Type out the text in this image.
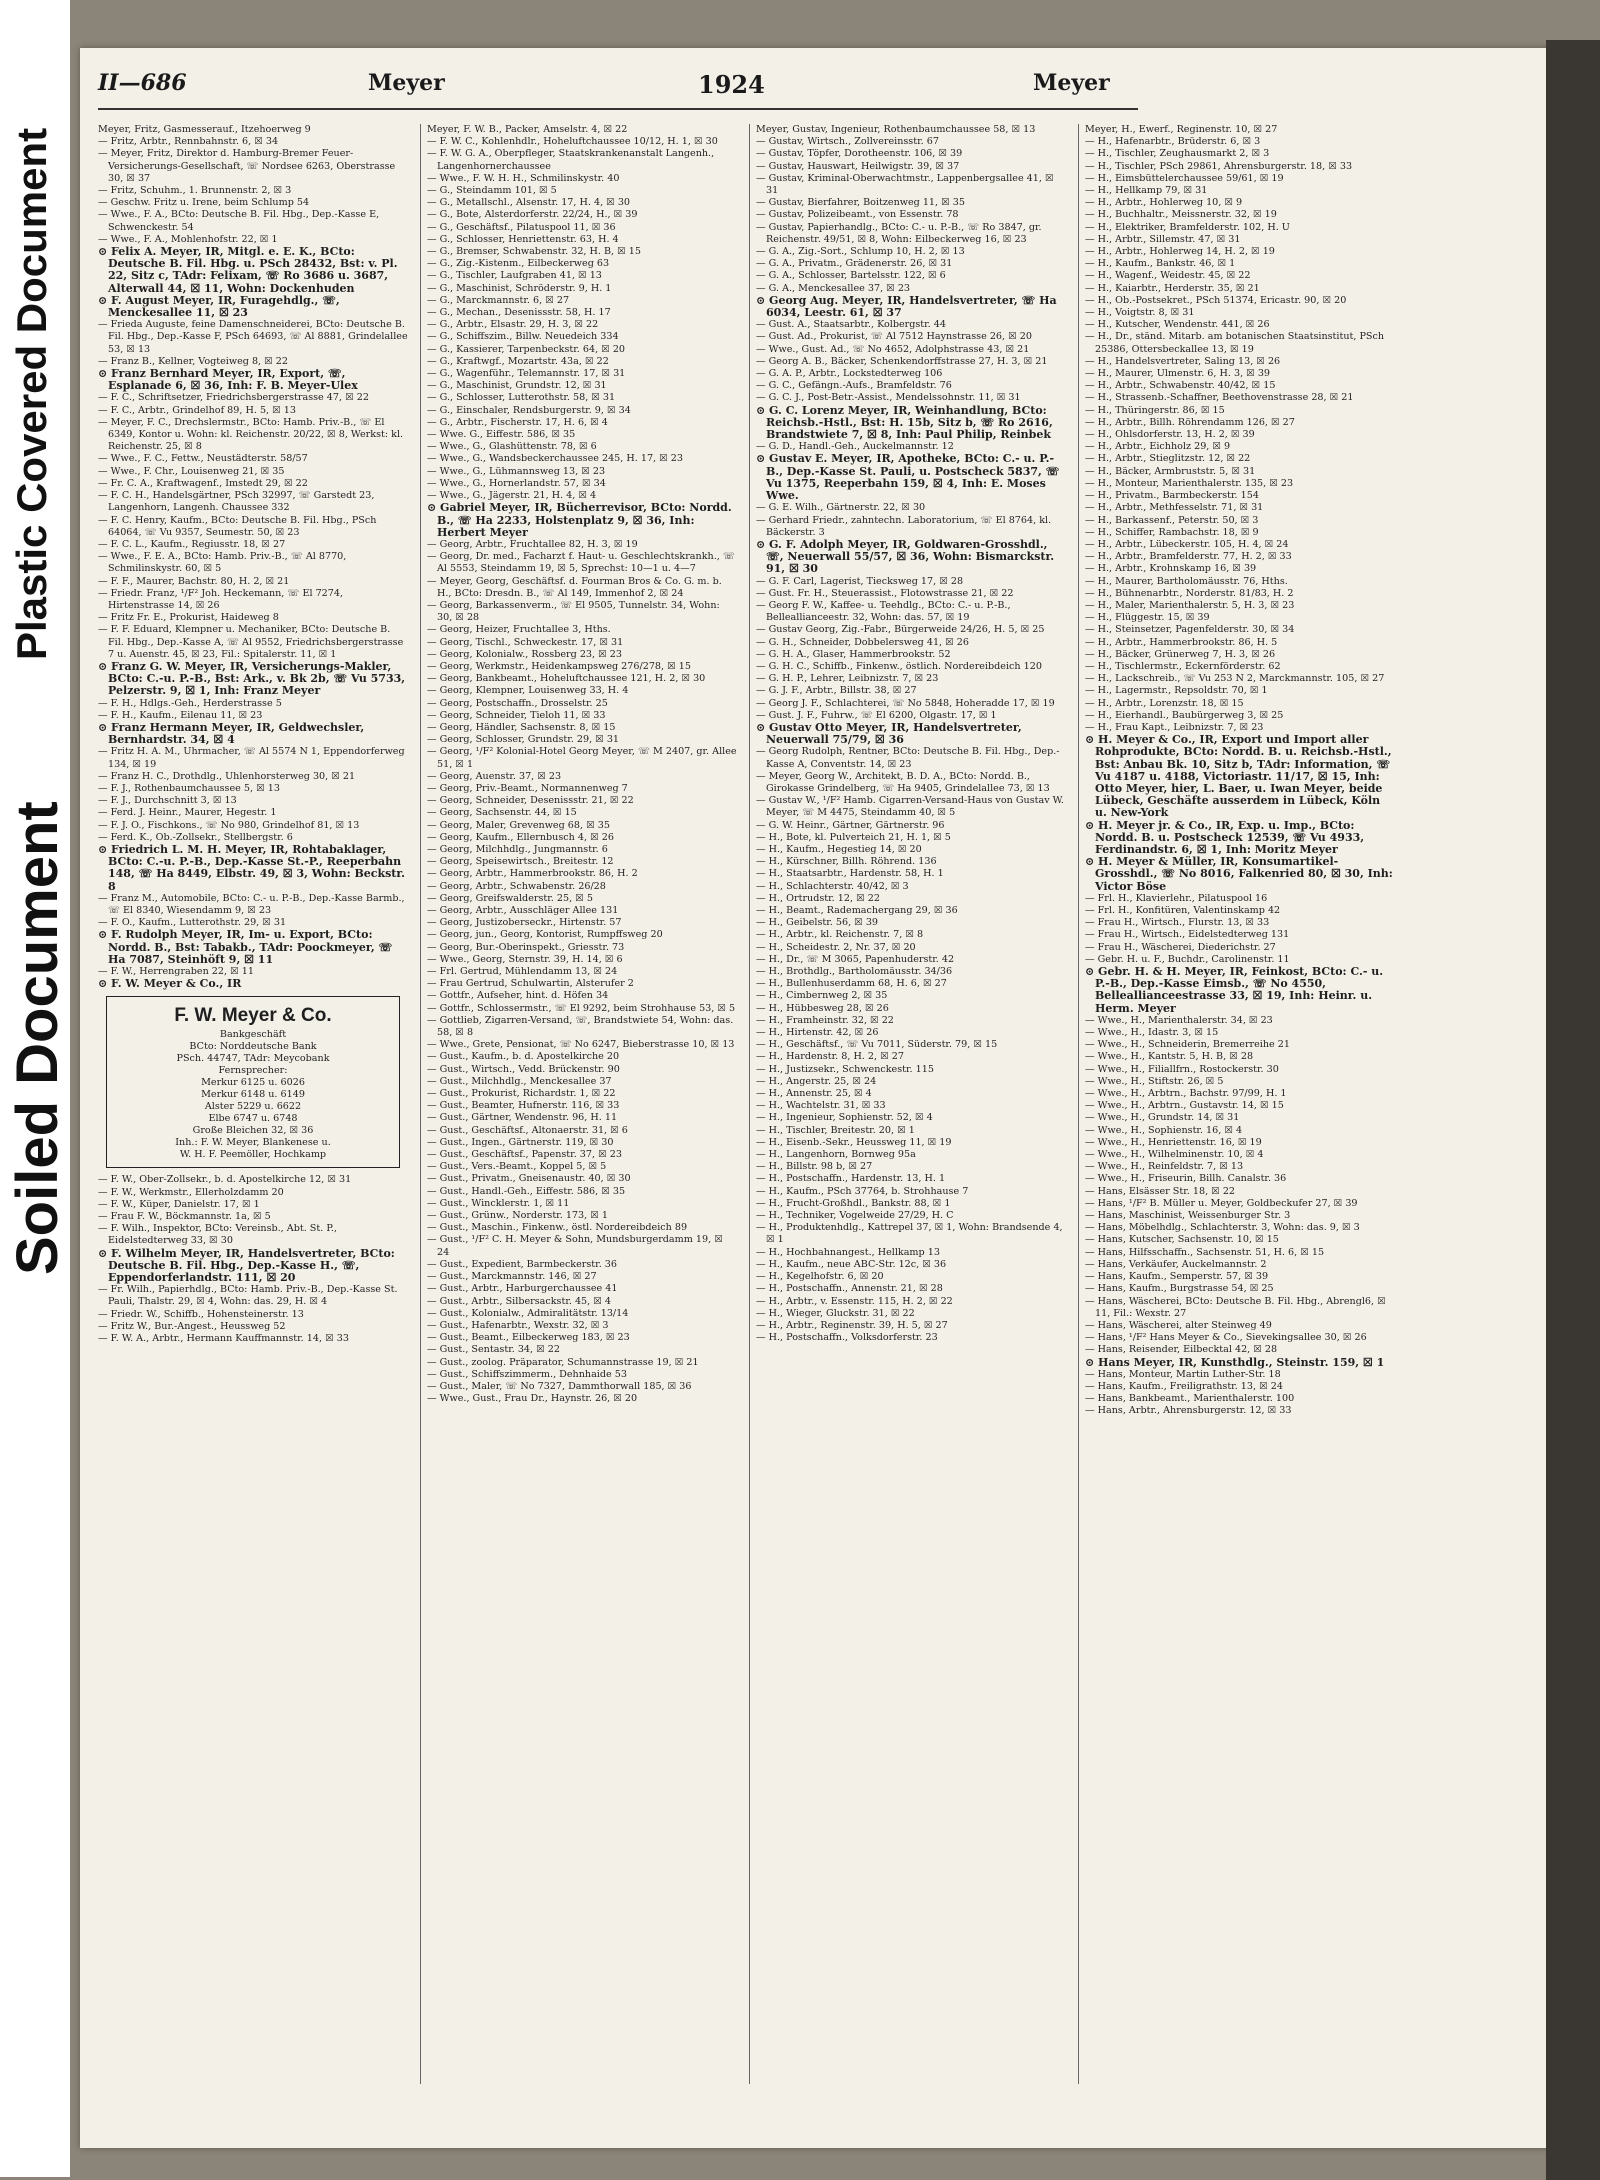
Plastic Covered Document
Soiled Document
II—686	Meyer	1924	Meyer

Meyer, Fritz, Gasmesserauf., Itzehoerweg 9

— Fritz, Arbtr., Rennbahnstr. 6, ☒ 34

— Meyer, Fritz, Direktor d. Hamburg-Bremer Feuer-Versicherungs-Gesellschaft, ☏ Nordsee 6263, Oberstrasse 30, ☒ 37

— Fritz, Schuhm., 1. Brunnenstr. 2, ☒ 3

— Geschw. Fritz u. Irene, beim Schlump 54

— Wwe., F. A., BCto: Deutsche B. Fil. Hbg., Dep.-Kasse E, Schwenckestr. 54

— Wwe., F. A., Mohlenhofstr. 22, ☒ 1

⊙ Felix A. Meyer, IR, Mitgl. e. E. K., BCto: Deutsche B. Fil. Hbg. u. PSch 28432, Bst: v. Pl. 22, Sitz c, TAdr: Felixam, ☏ Ro 3686 u. 3687, Alterwall 44, ☒ 11, Wohn: Dockenhuden

⊙ F. August Meyer, IR, Furagehdlg., ☏, Menckesallee 11, ☒ 23

— Frieda Auguste, feine Damenschneiderei, BCto: Deutsche B. Fil. Hbg., Dep.-Kasse F, PSch 64693, ☏ Al 8881, Grindelallee 53, ☒ 13

— Franz B., Kellner, Vogteiweg 8, ☒ 22

⊙ Franz Bernhard Meyer, IR, Export, ☏, Esplanade 6, ☒ 36, Inh: F. B. Meyer-Ulex

— F. C., Schriftsetzer, Friedrichsbergerstrasse 47, ☒ 22

— F. C., Arbtr., Grindelhof 89, H. 5, ☒ 13

— Meyer, F. C., Drechslermstr., BCto: Hamb. Priv.-B., ☏ El 6349, Kontor u. Wohn: kl. Reichenstr. 20/22, ☒ 8, Werkst: kl. Reichenstr. 25, ☒ 8

— Wwe., F. C., Fettw., Neustädterstr. 58/57

— Wwe., F. Chr., Louisenweg 21, ☒ 35

— Fr. C. A., Kraftwagenf., Imstedt 29, ☒ 22

— F. C. H., Handelsgärtner, PSch 32997, ☏ Garstedt 23, Langenhorn, Langenh. Chaussee 332

— F. C. Henry, Kaufm., BCto: Deutsche B. Fil. Hbg., PSch 64064, ☏ Vu 9357, Seumestr. 50, ☒ 23

— F. C. L., Kaufm., Regiusstr. 18, ☒ 27

— Wwe., F. E. A., BCto: Hamb. Priv.-B., ☏ Al 8770, Schmilinskystr. 60, ☒ 5

— F. F., Maurer, Bachstr. 80, H. 2, ☒ 21

— Friedr. Franz, ¹/F² Joh. Heckemann, ☏ El 7274, Hirtenstrasse 14, ☒ 26

— Fritz Fr. E., Prokurist, Haideweg 8

— F. F. Eduard, Klempner u. Mechaniker, BCto: Deutsche B. Fil. Hbg., Dep.-Kasse A, ☏ Al 9552, Friedrichsbergerstrasse 7 u. Auenstr. 45, ☒ 23, Fil.: Spitalerstr. 11, ☒ 1

⊙ Franz G. W. Meyer, IR, Versicherungs-Makler, BCto: C.-u. P.-B., Bst: Ark., v. Bk 2b, ☏ Vu 5733, Pelzerstr. 9, ☒ 1, Inh: Franz Meyer

— F. H., Hdlgs.-Geh., Herderstrasse 5

— F. H., Kaufm., Eilenau 11, ☒ 23

⊙ Franz Hermann Meyer, IR, Geldwechsler, Bernhardstr. 34, ☒ 4

— Fritz H. A. M., Uhrmacher, ☏ Al 5574 N 1, Eppendorferweg 134, ☒ 19

— Franz H. C., Drothdlg., Uhlenhorsterweg 30, ☒ 21

— F. J., Rothenbaumchaussee 5, ☒ 13

— F. J., Durchschnitt 3, ☒ 13

— Ferd. J. Heinr., Maurer, Hegestr. 1

— F. J. O., Fischkons., ☏ No 980, Grindelhof 81, ☒ 13

— Ferd. K., Ob.-Zollsekr., Stellbergstr. 6

⊙ Friedrich L. M. H. Meyer, IR, Rohtabaklager, BCto: C.-u. P.-B., Dep.-Kasse St.-P., Reeperbahn 148, ☏ Ha 8449, Elbstr. 49, ☒ 3, Wohn: Beckstr. 8

— Franz M., Automobile, BCto: C.- u. P.-B., Dep.-Kasse Barmb., ☏ El 8340, Wiesendamm 9, ☒ 23

— F. O., Kaufm., Lutterothstr. 29, ☒ 31

⊙ F. Rudolph Meyer, IR, Im- u. Export, BCto: Nordd. B., Bst: Tabakb., TAdr: Poockmeyer, ☏ Ha 7087, Steinhöft 9, ☒ 11

— F. W., Herrengraben 22, ☒ 11

⊙ F. W. Meyer & Co., IR

F. W. Meyer & Co.
Bankgeschäft
BCto: Norddeutsche Bank
PSch. 44747, TAdr: Meycobank
Fernsprecher:
Merkur 6125 u. 6026
Merkur 6148 u. 6149
Alster 5229 u. 6622
Elbe 6747 u. 6748
Große Bleichen 32, ☒ 36
Inh.: F. W. Meyer, Blankenese u.
W. H. F. Peemöller, Hochkamp

— F. W., Ober-Zollsekr., b. d. Apostelkirche 12, ☒ 31

— F. W., Werkmstr., Ellerholzdamm 20

— F. W., Küper, Danielstr. 17, ☒ 1

— Frau F. W., Böckmannstr. 1a, ☒ 5

— F. Wilh., Inspektor, BCto: Vereinsb., Abt. St. P., Eidelstedterweg 33, ☒ 30

⊙ F. Wilhelm Meyer, IR, Handelsvertreter, BCto: Deutsche B. Fil. Hbg., Dep.-Kasse H., ☏, Eppendorferlandstr. 111, ☒ 20

— Fr. Wilh., Papierhdlg., BCto: Hamb. Priv.-B., Dep.-Kasse St. Pauli, Thalstr. 29, ☒ 4, Wohn: das. 29, H. ☒ 4

— Friedr. W., Schiffb., Hohensteinerstr. 13

— Fritz W., Bur.-Angest., Heussweg 52

— F. W. A., Arbtr., Hermann Kauffmannstr. 14, ☒ 33

Meyer, F. W. B., Packer, Amselstr. 4, ☒ 22

— F. W. C., Kohlenhdlr., Hoheluftchaussee 10/12, H. 1, ☒ 30

— F. W. G. A., Oberpfleger, Staatskrankenanstalt Langenh., Langenhornerchaussee

— Wwe., F. W. H. H., Schmilinskystr. 40

— G., Steindamm 101, ☒ 5

— G., Metallschl., Alsenstr. 17, H. 4, ☒ 30

— G., Bote, Alsterdorferstr. 22/24, H., ☒ 39

— G., Geschäftsf., Pilatuspool 11, ☒ 36

— G., Schlosser, Henriettenstr. 63, H. 4

— G., Bremser, Schwabenstr. 32, H. B, ☒ 15

— G., Zig.-Kistenm., Eilbeckerweg 63

— G., Tischler, Laufgraben 41, ☒ 13

— G., Maschinist, Schröderstr. 9, H. 1

— G., Marckmannstr. 6, ☒ 27

— G., Mechan., Desenissstr. 58, H. 17

— G., Arbtr., Elsastr. 29, H. 3, ☒ 22

— G., Schiffszim., Billw. Neuedeich 334

— G., Kassierer, Tarpenbeckstr. 64, ☒ 20

— G., Kraftwgf., Mozartstr. 43a, ☒ 22

— G., Wagenführ., Telemannstr. 17, ☒ 31

— G., Maschinist, Grundstr. 12, ☒ 31

— G., Schlosser, Lutterothstr. 58, ☒ 31

— G., Einschaler, Rendsburgerstr. 9, ☒ 34

— G., Arbtr., Fischerstr. 17, H. 6, ☒ 4

— Wwe. G., Eiffestr. 586, ☒ 35

— Wwe., G., Glashüttenstr. 78, ☒ 6

— Wwe., G., Wandsbeckerchaussee 245, H. 17, ☒ 23

— Wwe., G., Lühmannsweg 13, ☒ 23

— Wwe., G., Hornerlandstr. 57, ☒ 34

— Wwe., G., Jägerstr. 21, H. 4, ☒ 4

⊙ Gabriel Meyer, IR, Bücherrevisor, BCto: Nordd. B., ☏ Ha 2233, Holstenplatz 9, ☒ 36, Inh: Herbert Meyer

— Georg, Arbtr., Fruchtallee 82, H. 3, ☒ 19

— Georg, Dr. med., Facharzt f. Haut- u. Geschlechtskrankh., ☏ Al 5553, Steindamm 19, ☒ 5, Sprechst: 10—1 u. 4—7

— Meyer, Georg, Geschäftsf. d. Fourman Bros & Co. G. m. b. H., BCto: Dresdn. B., ☏ Al 149, Immenhof 2, ☒ 24

— Georg, Barkassenverm., ☏ El 9505, Tunnelstr. 34, Wohn: 30, ☒ 28

— Georg, Heizer, Fruchtallee 3, Hths.

— Georg, Tischl., Schweckestr. 17, ☒ 31

— Georg, Kolonialw., Rossberg 23, ☒ 23

— Georg, Werkmstr., Heidenkampsweg 276/278, ☒ 15

— Georg, Bankbeamt., Hoheluftchaussee 121, H. 2, ☒ 30

— Georg, Klempner, Louisenweg 33, H. 4

— Georg, Postschaffn., Drosselstr. 25

— Georg, Schneider, Tieloh 11, ☒ 33

— Georg, Händler, Sachsenstr. 8, ☒ 15

— Georg, Schlosser, Grundstr. 29, ☒ 31

— Georg, ¹/F² Kolonial-Hotel Georg Meyer, ☏ M 2407, gr. Allee 51, ☒ 1

— Georg, Auenstr. 37, ☒ 23

— Georg, Priv.-Beamt., Normannenweg 7

— Georg, Schneider, Desenissstr. 21, ☒ 22

— Georg, Sachsenstr. 44, ☒ 15

— Georg, Maler, Grevenweg 68, ☒ 35

— Georg, Kaufm., Ellernbusch 4, ☒ 26

— Georg, Milchhdlg., Jungmannstr. 6

— Georg, Speisewirtsch., Breitestr. 12

— Georg, Arbtr., Hammerbrookstr. 86, H. 2

— Georg, Arbtr., Schwabenstr. 26/28

— Georg, Greifswalderstr. 25, ☒ 5

— Georg, Arbtr., Ausschläger Allee 131

— Georg, Justizoberseckr., Hirtenstr. 57

— Georg, jun., Georg, Kontorist, Rumpffsweg 20

— Georg, Bur.-Oberinspekt., Griesstr. 73

— Wwe., Georg, Sternstr. 39, H. 14, ☒ 6

— Frl. Gertrud, Mühlendamm 13, ☒ 24

— Frau Gertrud, Schulwartin, Alsterufer 2

— Gottfr., Aufseher, hint. d. Höfen 34

— Gottfr., Schlossermstr., ☏ El 9292, beim Strohhause 53, ☒ 5

— Gottlieb, Zigarren-Versand, ☏, Brandstwiete 54, Wohn: das. 58, ☒ 8

— Wwe., Grete, Pensionat, ☏ No 6247, Bieberstrasse 10, ☒ 13

— Gust., Kaufm., b. d. Apostelkirche 20

— Gust., Wirtsch., Vedd. Brückenstr. 90

— Gust., Milchhdlg., Menckesallee 37

— Gust., Prokurist, Richardstr. 1, ☒ 22

— Gust., Beamter, Hufnerstr. 116, ☒ 33

— Gust., Gärtner, Wendenstr. 96, H. 11

— Gust., Geschäftsf., Altonaerstr. 31, ☒ 6

— Gust., Ingen., Gärtnerstr. 119, ☒ 30

— Gust., Geschäftsf., Papenstr. 37, ☒ 23

— Gust., Vers.-Beamt., Koppel 5, ☒ 5

— Gust., Privatm., Gneisenaustr. 40, ☒ 30

— Gust., Handl.-Geh., Eiffestr. 586, ☒ 35

— Gust., Wincklerstr. 1, ☒ 11

— Gust., Grünw., Norderstr. 173, ☒ 1

— Gust., Maschin., Finkenw., östl. Nordereibdeich 89

— Gust., ¹/F² C. H. Meyer & Sohn, Mundsburgerdamm 19, ☒ 24

— Gust., Expedient, Barmbeckerstr. 36

— Gust., Marckmannstr. 146, ☒ 27

— Gust., Arbtr., Harburgerchaussee 41

— Gust., Arbtr., Silbersackstr. 45, ☒ 4

— Gust., Kolonialw., Admiralitätstr. 13/14

— Gust., Hafenarbtr., Wexstr. 32, ☒ 3

— Gust., Beamt., Eilbeckerweg 183, ☒ 23

— Gust., Sentastr. 34, ☒ 22

— Gust., zoolog. Präparator, Schumannstrasse 19, ☒ 21

— Gust., Schiffszimmerm., Dehnhaide 53

— Gust., Maler, ☏ No 7327, Dammthorwall 185, ☒ 36

— Wwe., Gust., Frau Dr., Haynstr. 26, ☒ 20

Meyer, Gustav, Ingenieur, Rothenbaumchaussee 58, ☒ 13

— Gustav, Wirtsch., Zollvereinsstr. 67

— Gustav, Töpfer, Dorotheenstr. 106, ☒ 39

— Gustav, Hauswart, Heilwigstr. 39, ☒ 37

— Gustav, Kriminal-Oberwachtmstr., Lappenbergsallee 41, ☒ 31

— Gustav, Bierfahrer, Boitzenweg 11, ☒ 35

— Gustav, Polizeibeamt., von Essenstr. 78

— Gustav, Papierhandlg., BCto: C.- u. P.-B., ☏ Ro 3847, gr. Reichenstr. 49/51, ☒ 8, Wohn: Eilbeckerweg 16, ☒ 23

— G. A., Zig.-Sort., Schlump 10, H. 2, ☒ 13

— G. A., Privatm., Grädenerstr. 26, ☒ 31

— G. A., Schlosser, Bartelsstr. 122, ☒ 6

— G. A., Menckesallee 37, ☒ 23

⊙ Georg Aug. Meyer, IR, Handelsvertreter, ☏ Ha 6034, Leestr. 61, ☒ 37

— Gust. A., Staatsarbtr., Kolbergstr. 44

— Gust. Ad., Prokurist, ☏ Al 7512 Haynstrasse 26, ☒ 20

— Wwe., Gust. Ad., ☏ No 4652, Adolphstrasse 43, ☒ 21

— Georg A. B., Bäcker, Schenkendorffstrasse 27, H. 3, ☒ 21

— G. A. P., Arbtr., Lockstedterweg 106

— G. C., Gefängn.-Aufs., Bramfeldstr. 76

— G. C. J., Post-Betr.-Assist., Mendelssohnstr. 11, ☒ 31

⊙ G. C. Lorenz Meyer, IR, Weinhandlung, BCto: Reichsb.-Hstl., Bst: H. 15b, Sitz b, ☏ Ro 2616, Brandstwiete 7, ☒ 8, Inh: Paul Philip, Reinbek

— G. D., Handl.-Geh., Auckelmannstr. 12

⊙ Gustav E. Meyer, IR, Apotheke, BCto: C.- u. P.-B., Dep.-Kasse St. Pauli, u. Postscheck 5837, ☏ Vu 1375, Reeperbahn 159, ☒ 4, Inh: E. Moses Wwe.

— G. E. Wilh., Gärtnerstr. 22, ☒ 30

— Gerhard Friedr., zahntechn. Laboratorium, ☏ El 8764, kl. Bäckerstr. 3

⊙ G. F. Adolph Meyer, IR, Goldwaren-Grosshdl., ☏, Neuerwall 55/57, ☒ 36, Wohn: Bismarckstr. 91, ☒ 30

— G. F. Carl, Lagerist, Tiecksweg 17, ☒ 28

— Gust. Fr. H., Steuerassist., Flotowstrasse 21, ☒ 22

— Georg F. W., Kaffee- u. Teehdlg., BCto: C.- u. P.-B., Belleallianceestr. 32, Wohn: das. 57, ☒ 19

— Gustav Georg, Zig.-Fabr., Bürgerweide 24/26, H. 5, ☒ 25

— G. H., Schneider, Dobbelersweg 41, ☒ 26

— G. H. A., Glaser, Hammerbrookstr. 52

— G. H. C., Schiffb., Finkenw., östlich. Nordereibdeich 120

— G. H. P., Lehrer, Leibnizstr. 7, ☒ 23

— G. J. F., Arbtr., Billstr. 38, ☒ 27

— Georg J. F., Schlachterei, ☏ No 5848, Hoheradde 17, ☒ 19

— Gust. J. F., Fuhrw., ☏ El 6200, Olgastr. 17, ☒ 1

⊙ Gustav Otto Meyer, IR, Handelsvertreter, Neuerwall 75/79, ☒ 36

— Georg Rudolph, Rentner, BCto: Deutsche B. Fil. Hbg., Dep.-Kasse A, Conventstr. 14, ☒ 23

— Meyer, Georg W., Architekt, B. D. A., BCto: Nordd. B., Girokasse Grindelberg, ☏ Ha 9405, Grindelallee 73, ☒ 13

— Gustav W., ¹/F² Hamb. Cigarren-Versand-Haus von Gustav W. Meyer, ☏ M 4475, Steindamm 40, ☒ 5

— G. W. Heinr., Gärtner, Gärtnerstr. 96

— H., Bote, kl. Pulverteich 21, H. 1, ☒ 5

— H., Kaufm., Hegestieg 14, ☒ 20

— H., Kürschner, Billh. Röhrend. 136

— H., Staatsarbtr., Hardenstr. 58, H. 1

— H., Schlachterstr. 40/42, ☒ 3

— H., Ortrudstr. 12, ☒ 22

— H., Beamt., Rademachergang 29, ☒ 36

— H., Geibelstr. 56, ☒ 39

— H., Arbtr., kl. Reichenstr. 7, ☒ 8

— H., Scheidestr. 2, Nr. 37, ☒ 20

— H., Dr., ☏ M 3065, Papenhuderstr. 42

— H., Brothdlg., Bartholomäusstr. 34/36

— H., Bullenhuserdamm 68, H. 6, ☒ 27

— H., Cimbernweg 2, ☒ 35

— H., Hübbesweg 28, ☒ 26

— H., Framheinstr. 32, ☒ 22

— H., Hirtenstr. 42, ☒ 26

— H., Geschäftsf., ☏ Vu 7011, Süderstr. 79, ☒ 15

— H., Hardenstr. 8, H. 2, ☒ 27

— H., Justizsekr., Schwenckestr. 115

— H., Angerstr. 25, ☒ 24

— H., Annenstr. 25, ☒ 4

— H., Wachtelstr. 31, ☒ 33

— H., Ingenieur, Sophienstr. 52, ☒ 4

— H., Tischler, Breitestr. 20, ☒ 1

— H., Eisenb.-Sekr., Heussweg 11, ☒ 19

— H., Langenhorn, Bornweg 95a

— H., Billstr. 98 b, ☒ 27

— H., Postschaffn., Hardenstr. 13, H. 1

— H., Kaufm., PSch 37764, b. Strohhause 7

— H., Frucht-Großhdl., Bankstr. 88, ☒ 1

— H., Techniker, Vogelweide 27/29, H. C

— H., Produktenhdlg., Kattrepel 37, ☒ 1, Wohn: Brandsende 4, ☒ 1

— H., Hochbahnangest., Hellkamp 13

— H., Kaufm., neue ABC-Str. 12c, ☒ 36

— H., Kegelhofstr. 6, ☒ 20

— H., Postschaffn., Annenstr. 21, ☒ 28

— H., Arbtr., v. Essenstr. 115, H. 2, ☒ 22

— H., Wieger, Gluckstr. 31, ☒ 22

— H., Arbtr., Reginenstr. 39, H. 5, ☒ 27

— H., Postschaffn., Volksdorferstr. 23

Meyer, H., Ewerf., Reginenstr. 10, ☒ 27

— H., Hafenarbtr., Brüderstr. 6, ☒ 3

— H., Tischler, Zeughausmarkt 2, ☒ 3

— H., Tischler, PSch 29861, Ahrensburgerstr. 18, ☒ 33

— H., Eimsbüttelerchaussee 59/61, ☒ 19

— H., Hellkamp 79, ☒ 31

— H., Arbtr., Hohlerweg 10, ☒ 9

— H., Buchhaltr., Meissnerstr. 32, ☒ 19

— H., Elektriker, Bramfelderstr. 102, H. U

— H., Arbtr., Sillemstr. 47, ☒ 31

— H., Arbtr., Hohlerweg 14, H. 2, ☒ 19

— H., Kaufm., Bankstr. 46, ☒ 1

— H., Wagenf., Weidestr. 45, ☒ 22

— H., Kaiarbtr., Herderstr. 35, ☒ 21

— H., Ob.-Postsekret., PSch 51374, Ericastr. 90, ☒ 20

— H., Voigtstr. 8, ☒ 31

— H., Kutscher, Wendenstr. 441, ☒ 26

— H., Dr., ständ. Mitarb. am botanischen Staatsinstitut, PSch 25386, Ottersbeckallee 13, ☒ 19

— H., Handelsvertreter, Saling 13, ☒ 26

— H., Maurer, Ulmenstr. 6, H. 3, ☒ 39

— H., Arbtr., Schwabenstr. 40/42, ☒ 15

— H., Strassenb.-Schaffner, Beethovenstrasse 28, ☒ 21

— H., Thüringerstr. 86, ☒ 15

— H., Arbtr., Billh. Röhrendamm 126, ☒ 27

— H., Ohlsdorferstr. 13, H. 2, ☒ 39

— H., Arbtr., Eichholz 29, ☒ 9

— H., Arbtr., Stieglitzstr. 12, ☒ 22

— H., Bäcker, Armbruststr. 5, ☒ 31

— H., Monteur, Marienthalerstr. 135, ☒ 23

— H., Privatm., Barmbeckerstr. 154

— H., Arbtr., Methfesselstr. 71, ☒ 31

— H., Barkassenf., Peterstr. 50, ☒ 3

— H., Schiffer, Rambachstr. 18, ☒ 9

— H., Arbtr., Lübeckerstr. 105, H. 4, ☒ 24

— H., Arbtr., Bramfelderstr. 77, H. 2, ☒ 33

— H., Arbtr., Krohnskamp 16, ☒ 39

— H., Maurer, Bartholomäusstr. 76, Hths.

— H., Bühnenarbtr., Norderstr. 81/83, H. 2

— H., Maler, Marienthalerstr. 5, H. 3, ☒ 23

— H., Flüggestr. 15, ☒ 39

— H., Steinsetzer, Pagenfelderstr. 30, ☒ 34

— H., Arbtr., Hammerbrookstr. 86, H. 5

— H., Bäcker, Grünerweg 7, H. 3, ☒ 26

— H., Tischlermstr., Eckernförderstr. 62

— H., Lackschreib., ☏ Vu 253 N 2, Marckmannstr. 105, ☒ 27

— H., Lagermstr., Repsoldstr. 70, ☒ 1

— H., Arbtr., Lorenzstr. 18, ☒ 15

— H., Eierhandl., Baubürgerweg 3, ☒ 25

— H., Frau Kapt., Leibnizstr. 7, ☒ 23

⊙ H. Meyer & Co., IR, Export und Import aller Rohprodukte, BCto: Nordd. B. u. Reichsb.-Hstl., Bst: Anbau Bk. 10, Sitz b, TAdr: Information, ☏ Vu 4187 u. 4188, Victoriastr. 11/17, ☒ 15, Inh: Otto Meyer, hier, L. Baer, u. Iwan Meyer, beide Lübeck, Geschäfte ausserdem in Lübeck, Köln u. New-York

⊙ H. Meyer jr. & Co., IR, Exp. u. Imp., BCto: Nordd. B. u. Postscheck 12539, ☏ Vu 4933, Ferdinandstr. 6, ☒ 1, Inh: Moritz Meyer

⊙ H. Meyer & Müller, IR, Konsumartikel-Grosshdl., ☏ No 8016, Falkenried 80, ☒ 30, Inh: Victor Böse

— Frl. H., Klavierlehr., Pilatuspool 16

— Frl. H., Konfitüren, Valentinskamp 42

— Frau H., Wirtsch., Flurstr. 13, ☒ 33

— Frau H., Wirtsch., Eidelstedterweg 131

— Frau H., Wäscherei, Diederichstr. 27

— Gebr. H. u. F., Buchdr., Carolinenstr. 11

⊙ Gebr. H. & H. Meyer, IR, Feinkost, BCto: C.- u. P.-B., Dep.-Kasse Eimsb., ☏ No 4550, Belleallianceestrasse 33, ☒ 19, Inh: Heinr. u. Herm. Meyer

— Wwe., H., Marienthalerstr. 34, ☒ 23

— Wwe., H., Idastr. 3, ☒ 15

— Wwe., H., Schneiderin, Bremerreihe 21

— Wwe., H., Kantstr. 5, H. B, ☒ 28

— Wwe., H., Filiallfrn., Rostockerstr. 30

— Wwe., H., Stiftstr. 26, ☒ 5

— Wwe., H., Arbtrn., Bachstr. 97/99, H. 1

— Wwe., H., Arbtrn., Gustavstr. 14, ☒ 15

— Wwe., H., Grundstr. 14, ☒ 31

— Wwe., H., Sophienstr. 16, ☒ 4

— Wwe., H., Henriettenstr. 16, ☒ 19

— Wwe., H., Wilhelminenstr. 10, ☒ 4

— Wwe., H., Reinfeldstr. 7, ☒ 13

— Wwe., H., Friseurin, Billh. Canalstr. 36

— Hans, Elsässer Str. 18, ☒ 22

— Hans, ¹/F² B. Müller u. Meyer, Goldbeckufer 27, ☒ 39

— Hans, Maschinist, Weissenburger Str. 3

— Hans, Möbelhdlg., Schlachterstr. 3, Wohn: das. 9, ☒ 3

— Hans, Kutscher, Sachsenstr. 10, ☒ 15

— Hans, Hilfsschaffn., Sachsenstr. 51, H. 6, ☒ 15

— Hans, Verkäufer, Auckelmannstr. 2

— Hans, Kaufm., Semperstr. 57, ☒ 39

— Hans, Kaufm., Burgstrasse 54, ☒ 25

— Hans, Wäscherei, BCto: Deutsche B. Fil. Hbg., Abrengl6, ☒ 11, Fil.: Wexstr. 27

— Hans, Wäscherei, alter Steinweg 49

— Hans, ¹/F² Hans Meyer & Co., Sievekingsallee 30, ☒ 26

— Hans, Reisender, Eilbecktal 42, ☒ 28

⊙ Hans Meyer, IR, Kunsthdlg., Steinstr. 159, ☒ 1

— Hans, Monteur, Martin Luther-Str. 18

— Hans, Kaufm., Freiligrathstr. 13, ☒ 24

— Hans, Bankbeamt., Marienthalerstr. 100

— Hans, Arbtr., Ahrensburgerstr. 12, ☒ 33
